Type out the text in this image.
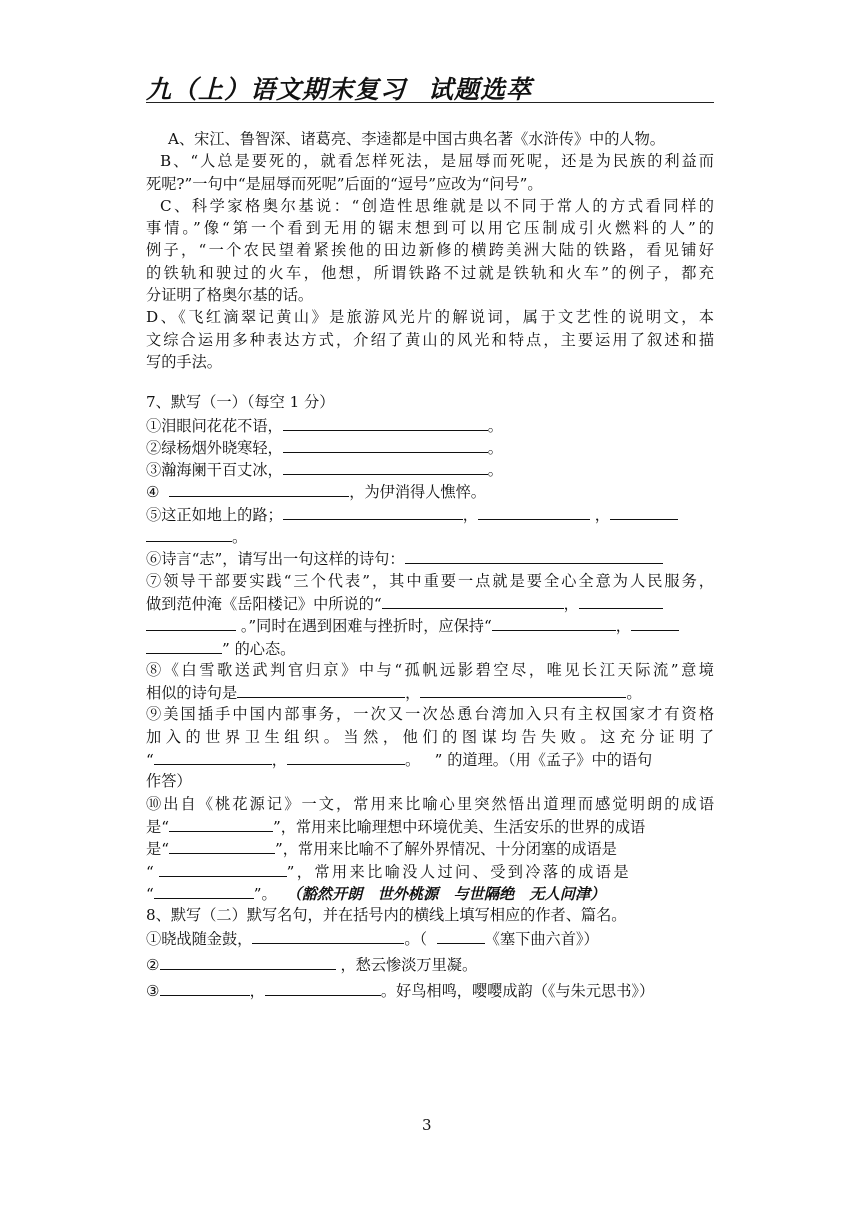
九（上）语文期末复习 试题选萃
A、宋江、鲁智深、诸葛亮、李逵都是中国古典名著《水浒传》中的人物。
B、“人总是要死的，就看怎样死法，是屈辱而死呢，还是为民族的利益而
死呢?”一句中“是屈辱而死呢”后面的“逗号”应改为“问号”。
C、科学家格奥尔基说：“创造性思维就是以不同于常人的方式看同样的
事情。”像“第一个看到无用的锯末想到可以用它压制成引火燃料的人”的
例子，“一个农民望着紧挨他的田边新修的横跨美洲大陆的铁路，看见铺好
的铁轨和驶过的火车，他想，所谓铁路不过就是铁轨和火车”的例子，都充
分证明了格奥尔基的话。
D、《飞红滴翠记黄山》是旅游风光片的解说词，属于文艺性的说明文，本
文综合运用多种表达方式，介绍了黄山的风光和特点，主要运用了叙述和描
写的手法。
7、默写（一）（每空 1 分）
①泪眼问花花不语，	。
②绿杨烟外晓寒轻，	。
③瀚海阑干百丈冰，	。
④	，为伊消得人憔悴。
⑤这正如地上的路；	，	，
。
⑥诗言“志”，请写出一句这样的诗句：
⑦领导干部要实践“三个代表”，其中重要一点就是要全心全意为人民服务，
做到范仲淹《岳阳楼记》中所说的“	，
。”同时在遇到困难与挫折时，应保持“	，
” 的心态。
⑧《白雪歌送武判官归京》中与“孤帆远影碧空尽，唯见长江天际流”意境
相似的诗句是	，	。
⑨美国插手中国内部事务，一次又一次怂恿台湾加入只有主权国家才有资格
加入的世界卫生组织。当然，他们的图谋均告失败。这充分证明了
“	，	。 ” 的道理。（用《孟子》中的语句
作答）
⑩出自《桃花源记》一文，常用来比喻心里突然悟出道理而感觉明朗的成语
是“	”，常用来比喻理想中环境优美、生活安乐的世界的成语
是“	”，常用来比喻不了解外界情况、十分闭塞的成语是
“	”，常用来比喻没人过问、受到冷落的成语是
“	”。 （豁然开朗　世外桃源　与世隔绝　无人问津）
8、默写（二）默写名句，并在括号内的横线上填写相应的作者、篇名。
①晓战随金鼓，	。（	《塞下曲六首》）
②	，愁云惨淡万里凝。
③	，	。好鸟相鸣，嘤嘤成韵（《与朱元思书》）
3
